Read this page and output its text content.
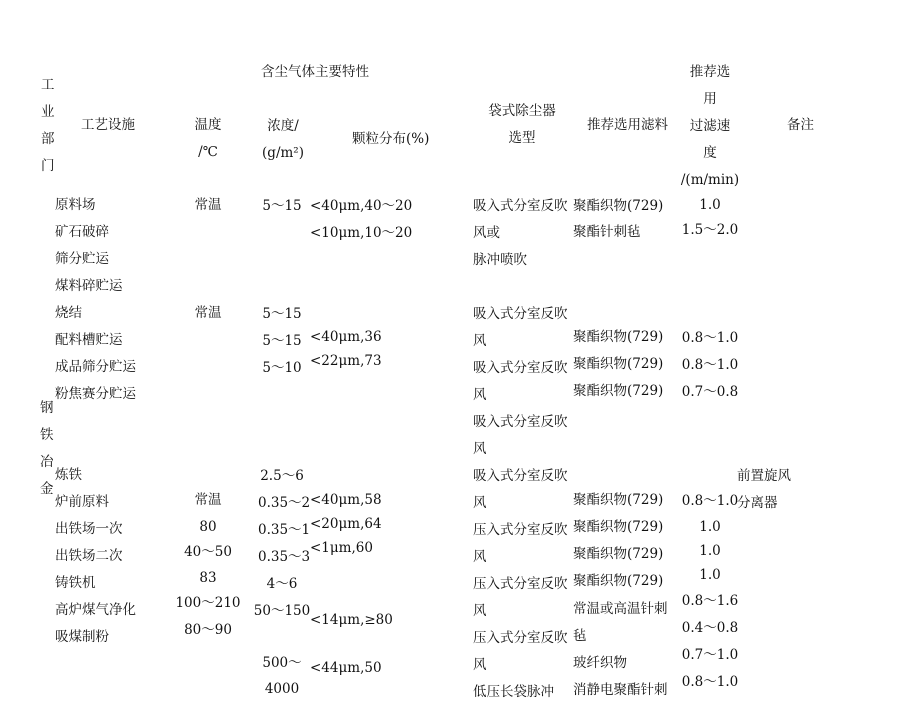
工
业
部
门
工艺设施	温度
/℃
含尘气体主要特性
浓度/
(g/m²)
颗粒分布(%)
袋式除尘器
选型
推荐选用滤料
推荐选
用
过滤速
度
/(m/min)
备注
钢
铁
冶
金
原料场
矿石破碎
筛分贮运
煤料碎贮运
烧结
配料槽贮运
成品筛分贮运
粉焦赛分贮运
炼铁
炉前原料
出铁场一次
出铁场二次
铸铁机
高炉煤气净化
吸煤制粉
常温
常温
常温
80
40～50
83
100～210
80～90
5～15
5～15
5～15
5～10
2.5～6
0.35～2
0.35～1
0.35～3
4～6
50～150
500～
4000
<40μm,40～20
<10μm,10～20
<40μm,36
<22μm,73
<40μm,58
<20μm,64
<1μm,60
<14μm,≥80
<44μm,50
吸入式分室反吹
风或
脉冲喷吹
吸入式分室反吹
风
吸入式分室反吹
风
吸入式分室反吹
风
吸入式分室反吹
风
压入式分室反吹
风
压入式分室反吹
风
压入式分室反吹
风
低压长袋脉冲
聚酯织物(729)
聚酯针刺毡
聚酯织物(729)
聚酯织物(729)
聚酯织物(729)
聚酯织物(729)
聚酯织物(729)
聚酯织物(729)
聚酯织物(729)
常温或高温针刺
毡
玻纤织物
消静电聚酯针刺
1.0
1.5～2.0
0.8～1.0
0.8～1.0
0.7～0.8
0.8～1.0
1.0
1.0
1.0
0.8～1.6
0.4～0.8
0.7～1.0
0.8～1.0
前置旋风
分离器
